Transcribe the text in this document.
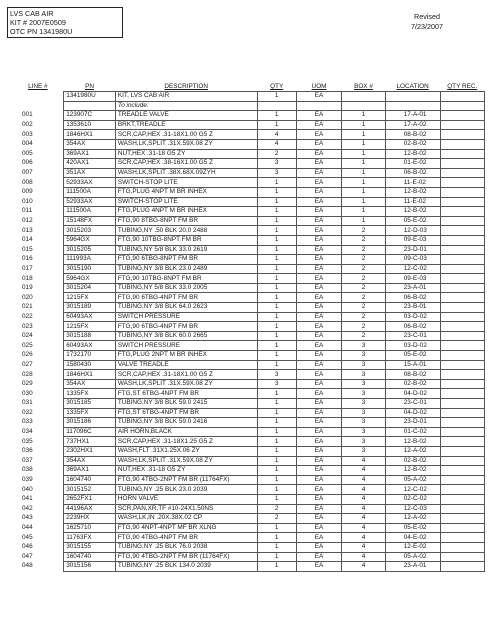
LVS CAB AIR
KIT # 2007E0509
OTC PN 1341980U
Revised
7/23/2007
LINE #	PN	DESCRIPTION	QTY	UOM	BOX #	LOCATION	QTY REC.
	1341980U	KIT, LVS CAB AIR	1	EA			
		To include:					
001	123907C	TREADLE VALVE	1	EA	1	17-A-01	
002	1353610	BRKT,TREADLE	1	EA	1	17-A-02	
003	1846HX1	SCR,CAP,HEX .31-18X1.00 G5 Z	4	EA	1	08-B-02	
004	354AX	WASH,LK,SPLIT .31X.59X.08 ZY	4	EA	1	02-B-02	
005	369AX1	NUT,HEX .31-18 G5 ZY	2	EA	1	12-B-02	
006	420AX1	SCR,CAP,HEX .38-16X1.00 G5 Z	3	EA	1	01-E-02	
007	351AX	WASH,LK,SPLIT .38X.68X.09ZYH	3	EA	1	06-B-02	
008	52933AX	SWITCH-STOP LITE	1	EA	1	11-E-02	
009	111500A	FTG,PLUG 4NPT M BR INHEX	1	EA	1	12-B-02	
010	52933AX	SWITCH-STOP LITE	1	EA	1	11-E-02	
011	111500A	FTG,PLUG 4NPT M BR INHEX	1	EA	1	12-B-02	
012	15148FX	FTG,90 8TBG-8NPT FM BR	1	EA	1	05-E-02	
013	3015203	TUBING,NY .50 BLK 20.0 2488	1	EA	2	12-D-03	
014	5964GX	FTG,90 10TBG-8NPT FM BR	1	EA	2	09-E-03	
015	3015205	TUBING,NY 5/8 BLK 33.0 2619	1	EA	2	23-D-01	
016	111993A	FTG,90 6TBG-8NPT FM BR	1	EA	2	09-C-03	
017	3015190	TUBING,NY 3/8 BLK 23.0 2489	1	EA	2	12-C-02	
018	5964GX	FTG,90 10TBG-8NPT FM BR	1	EA	2	09-E-03	
019	3015204	TUBING,NY 5/8 BLK 33.0 2005	1	EA	2	23-A-01	
020	1215FX	FTG,90 6TBG-4NPT FM BR	1	EA	2	06-B-02	
021	3015189	TUBING,NY 3/8 BLK 64.0 2623	1	EA	2	23-B-01	
022	60493AX	SWITCH PRESSURE	1	EA	2	03-D-02	
023	1215FX	FTG,90 6TBG-4NPT FM BR	1	EA	2	06-B-02	
024	3015188	TUBING,NY 3/8 BLK 60.0 2665	1	EA	2	23-C-01	
025	60493AX	SWITCH PRESSURE	1	EA	3	03-D-02	
026	1732170	FTG,PLUG 2NPT M BR INHEX	1	EA	3	05-E-02	
027	1580430	VALVE TREADLE	1	EA	3	15-A-01	
028	1846HX1	SCR,CAP,HEX .31-18X1.00 G5 Z	3	EA	3	08-B-02	
029	354AX	WASH,LK,SPLIT .31X.59X.08 ZY	3	EA	3	02-B-02	
030	1335FX	FTG,ST 6TBG-4NPT FM BR	1	EA	3	04-D-02	
031	3015185	TUBING,NY 3/8 BLK 59.0 2415	1	EA	3	23-C-01	
032	1335FX	FTG,ST 6TBG-4NPT FM BR	1	EA	3	04-D-02	
033	3015186	TUBING,NY 3/8 BLK 59.0 2416	1	EA	3	23-D-01	
034	117096C	AIR HORN,BLACK	1	EA	3	01-C-02	
035	737HX1	SCR,CAP,HEX .31-18X1.25 G5 Z	1	EA	3	12-B-02	
036	2302HX1	WASH,FLT .31X1.25X.06 ZY	1	EA	3	12-A-02	
037	354AX	WASH,LK,SPLIT .31X.59X.08 ZY	1	EA	4	02-B-02	
038	369AX1	NUT,HEX .31-18 G5 ZY	1	EA	4	12-B-02	
039	1604740	FTG,90 4TBG-2NPT FM BR (11764FX)	1	EA	4	05-A-02	
040	3015152	TUBING,NY .25 BLK 23.0 2039	1	EA	4	12-C-02	
041	2652FX1	HORN VALVE	1	EA	4	02-C-02	
042	44196AX	SCR,PAN,XR,TF #10-24X1.50NS	2	EA	4	12-C-03	
043	2239HX	WASH,LK,IN .20X.38X.02 CP	2	EA	4	12-A-02	
044	1625710	FTG,90 4NPT-4NPT MF BR XLNG	1	EA	4	05-E-02	
045	11763FX	FTG,90 4TBG-4NPT FM BR	1	EA	4	04-E-02	
046	3015155	TUBING,NY .25 BLK 76.0 2038	1	EA	4	12-E-02	
047	1604740	FTG,90 4TBG-2NPT FM BR (11764FX)	1	EA	4	05-A-02	
048	3015156	TUBING,NY .25 BLK 134.0 2039	1	EA	4	23-A-01	
